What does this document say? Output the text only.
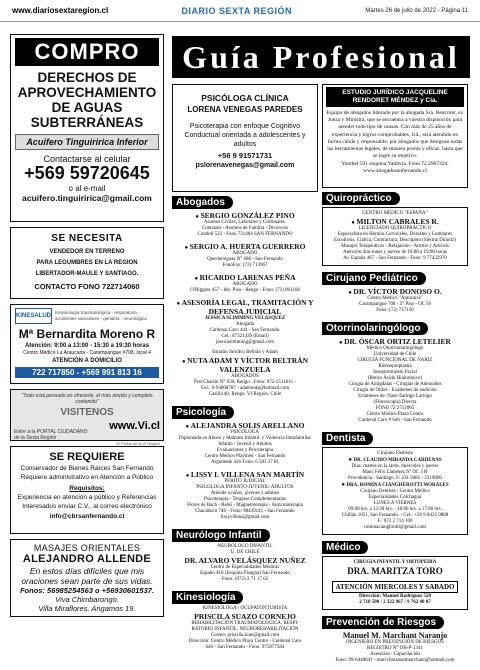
www.diariosextaregion.cl	DIARIO SEXTA REGIÓN	Martes 26 de julio de 2022 - Página 11
COMPRO
DERECHOS DE APROVECHAMIENTO DE AGUAS SUBTERRÁNEAS
Acuifero Tinguiririca Inferior
Contactarse al celular
+569 59720645
o al e-mail
acuifero.tinguiririca@gmail.com
SE NECESITA
VENDEDOR EN TERRENO
PARA LEGUMBRES EN LA REGION
LIBERTADOR-MAULE Y SANTIAGO.
CONTACTO FONO 722714060
KINESALUD
Kinesiología traumatológica - respiratoria - accidentes vasculares - geriatria - neurológica
Mª Bernardita Moreno R
Atención: 9:00 a 13:00 - 15:30 a 19:30 horas
Centro Médico La Araucaria - Carampangue #708, local 4
ATENCIÓN A DOMICILIO
722 717850 - +569 991 813 16
"Todo está pensado en ofrecerle, el más amplio y completo contenido"
VISITENOS
Entre a la PORTAL CIUDADANO de la Sexta Región
www.Vi.cl
El Portal de la VI Región
SE REQUIERE
Conservador de Bienes Raíces San Fernando Requiere administrativo en Atención a Público
Requisitos:
Experiencia en atención a público y Referencias Interesados enviar C.V., al correo electrónico
info@cbrsanfernando.cl
MASAJES ORIENTALES
ALEJANDRO ALLENDE
En estos días difíciles que mis oraciones sean parte de sus vidas.
Fonos: 56985254563 o +56930601537.
Viva Chimbarongo.
Villa Miraflores. Angamos 19.
Guía Profesional
PSICÓLOGA CLÍNICA
LORENA VENEGAS PAREDES
Psicoterapia con enfoque Cognitivo Conductual orientada a adolescentes y adultos
+56 9 91571731
pslorenavenegas@gmail.com
Abogados
● SERGIO GONZÁLEZ PINO
Asuntos Civiles, Laborales y Criminales.
Contratos - Asuntos de Familia - Divorcios
Condell 522 - Fono 731464 SAN FERNANDO
● SERGIO A. HUERTA GUERRERO
ABOGADO
Quechereguas N° 688 - San Fernando
FonoFax: (72) 713967
● RICARDO LARENAS PEÑA
ABOGADO
O'Higgins 457 - Ido. Piso - Rengo - Fono: (72) 961168
● ASESORÍA LEGAL, TRAMITACIÓN Y DEFENSA JUDICIAL
JESSICA SLIMMING VELASQUEZ
Abogada
Cardenal Caro 444 - San Fernando.
Cel.: 87321439 (Email)
jessicaslimming@gmail.com
Estudio Jurídico Beltrán y Adam
● NUTA ADAM Y VÍCTOR BELTRÁN VALENZUELA
ABOGADOS
Prat Chacón N° 030, Rengo - Fono: 072-2511611 -
Cel.: 9-94008787 - adamnuta@hotmail.com
Casilla 40. Rengo. VI Región. Chile
Psicología
● ALEJANDRA SOLIS ARELLANO
PSICÓLOGA
Diplomada en Abuso y Maltrato Infantil. y Violencia Intrafamiliar
Infanto - Juvenil y Adultos
Evaluaciones y Psicoterapia
Centro Médico Playmed - San Fernando
Argomedo 426 Fono: 6 583 37 81
● LISSY I. VILLENA SAN MARTÍN
PERITO JUDICIAL
PSICOLOGA INFANTO-JUVENIL-ADULTOS
Atiende a niños, jóvenes y adultos
Psicoterapia - Terapias Complementarias
Flores de Bach - Reiki - Magnetoterapia - Auriculoterapia
Chacabuco 746 - Fono: 98439141 - San Fernando
lissyvillena@gmail.com
Neurólogo Infantil
NEUROLOGO INFANTIL
U. DE CHILE
DR. ALVARO VELÁSQUEZ NUÑEZ
Centro de Especialidades Médicas
Españo 410 (Esquina Pisagua) San Fernando
Fono: (072) 2 71 17 62
Kinesiología
KINESIOLOGA - OCUPATONTURISTA
PRISCILA SUAZO CORNEJO
REHABILITACIÓN TRAUMATOLÓGICA, RESPI-
RATORIO INFANTIL, NEUROREHABILITACIÓN
Correo: priscilla.kine@gmail.com
Dirección: Centro Médico Playa Centro - Cardenal Caro
646 - San Fernando - Fono: 975877584
ESTUDIO JURÍDICO JACQUELINE RENDORET MÉNDEZ y Cía.
Equipo de abogados liderado por la abogada Sra. Rencoret, ex Jueza y Ministra, que se encuentra a vuestra disposición para atender todo tipo de causas. Con más de 25 años de experiencia y logros comprobables, Ud., será atendido en forma cálida y responsable, por abogados que designan todas las herramientas legales, de manera pronta y eficaz, hasta que se logre su objetivo.
Yumbel 591 esquina Valdivia. Fono 72.2967424.
www.abogadosanfernando.cl
Quiropráctico
CENTRO MÉDICO "ESPAÑA"
● MILTON CABRALES R.
LICENCIADO QUIROPRÁCTICO
Especialista en Hernias Cervicales, Dorsales y Lumbares
Escoliosis, Ciática, Contractura, Descopoto (Sierma Dinnitz)
Masajes Terapéuticos - Relajación - Artritis y Artrosis
Atención días lunes y jueves de 16:00 a 19:00 horas
Av. España 467 - San Fernando - Fono: 9 77432970
Cirujano Pediátrico
● DR. VÍCTOR DONOSO O.
Centro Médico "Araucaria"
Carampangue 708 - 5° Piso - Of. 56
Fono: (72) 717120
Otorrinolaringólogo
● DR. ÓSCAR ORTIZ LETELIER
Médico Otorrinolaringólogo
Universidad de Chile
CIRUGÍA FUNCIONAL DE NARIZ
Rinoseptoplastía
Inseptormiento Facial
(Retiro Ácido Hialurónico)
Cirugía de Amígdalas - Cirugías de Adenoides
Cirugía de Oídos - Exámenes de audición
Exámenes de: Naso-Faringo Laringo
(Fibroscopía) Directa
FONO 72 2712065
Centro Médico Plaza Centro
Cardenal Caro # 646 - San Fernando
Dentista
Cirujano Dentista
● DR. CLAUDIO MIRANDA CARDENAS
Días: martes en la tarde, miércoles y jueves
Manc Félix Lámenez Nº Of. 3 H
Providencia - Santiago. F: 231 9481 - 2319606
● DRA. ROMINA CIANGHEROTTI MORALES
Cirujano Dentista - Centro Médico
Especialidades Colchagua
LUNES A VIERNES
09:00 hrs. a 13:30 hrs. - 16:00 hrs. a 17:00 hrs.
Chillán 1051, San Fernando. - Cel.: +56 9 8423 9888
F.: 072 2 714 100
rominacianghrotti@gmail.com
Médico
CIRUGIA INFANTIL Y ORTOPEDIA
DRA. MARITZA TORO
ATENCIÓN MIERCOLES Y SABADO
Dirección: Manuel Rodríguez 520
2 718 500 / 2 322 967 / 9 762 48 07
Prevención de Riesgos
Manuel M. Marchant Naranjo
INGENIERO EN PREVENCIÓN DE RIESGOS
REGISTRO N° OH-P-1341
Asesorías - Capacitación
Fono: 99-6448841 - marcchmanuelmarchant@hotmail.com
